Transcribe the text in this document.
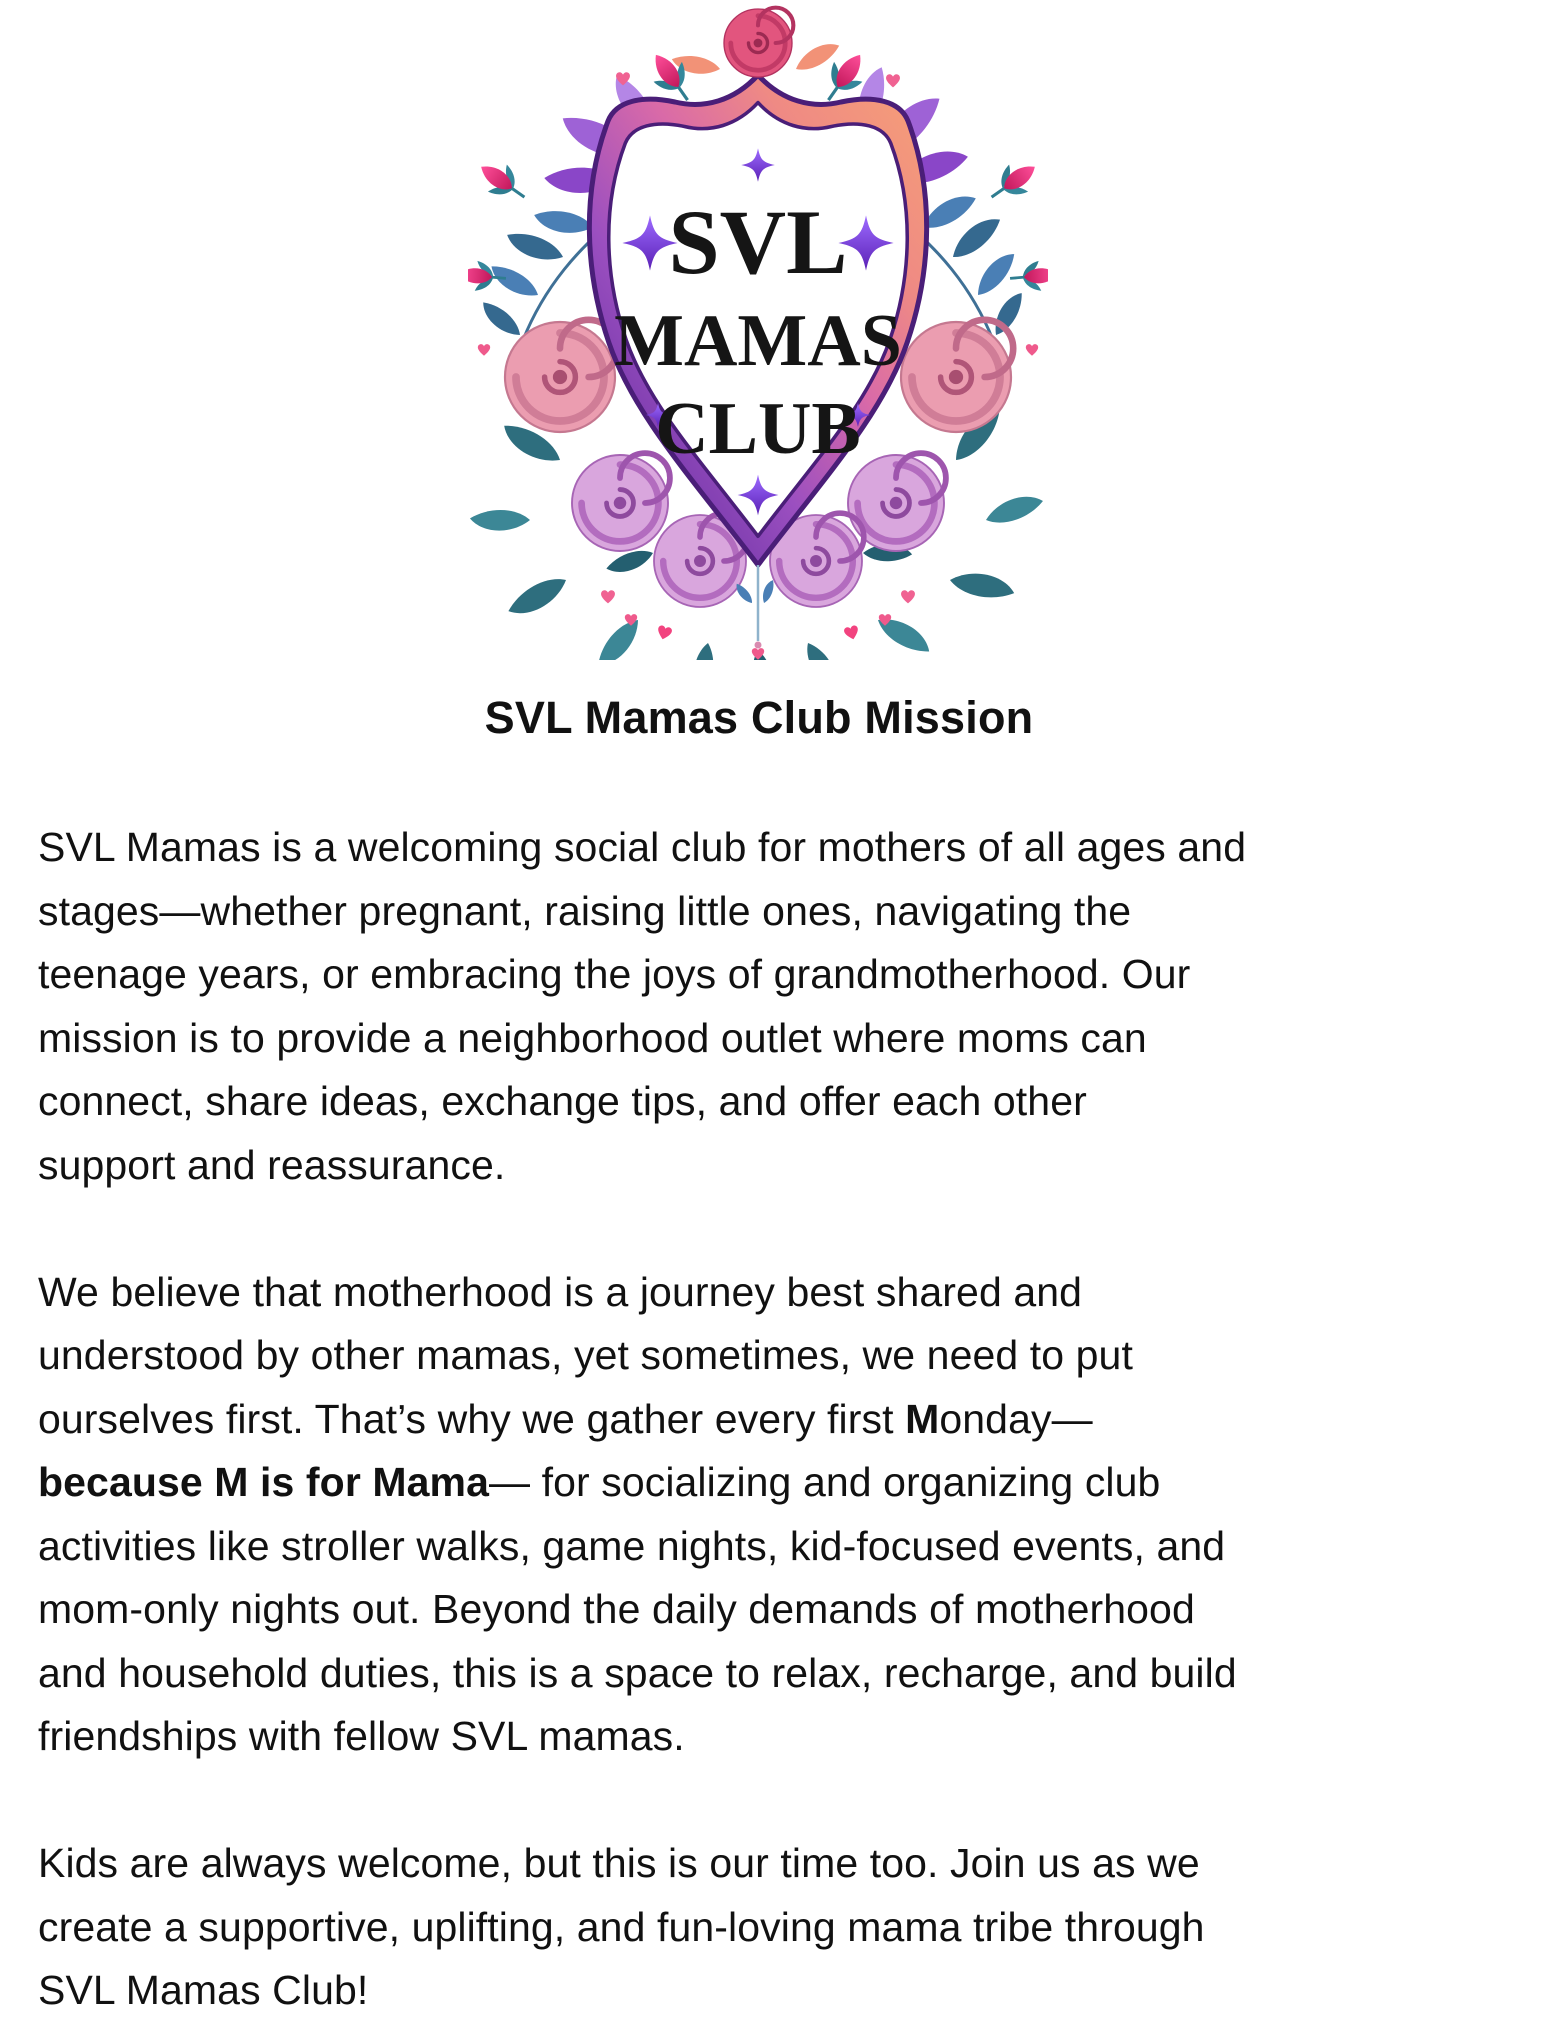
SVL
MAMAS
CLUB
SVL Mamas Club Mission
SVL Mamas is a welcoming social club for mothers of all ages and
stages—whether pregnant, raising little ones, navigating the
teenage years, or embracing the joys of grandmotherhood. Our
mission is to provide a neighborhood outlet where moms can
connect, share ideas, exchange tips, and offer each other
support and reassurance.
We believe that motherhood is a journey best shared and
understood by other mamas, yet sometimes, we need to put
ourselves first. That’s why we gather every first Monday—
because M is for Mama— for socializing and organizing club
activities like stroller walks, game nights, kid-focused events, and
mom-only nights out. Beyond the daily demands of motherhood
and household duties, this is a space to relax, recharge, and build
friendships with fellow SVL mamas.
Kids are always welcome, but this is our time too. Join us as we
create a supportive, uplifting, and fun-loving mama tribe through
SVL Mamas Club!
